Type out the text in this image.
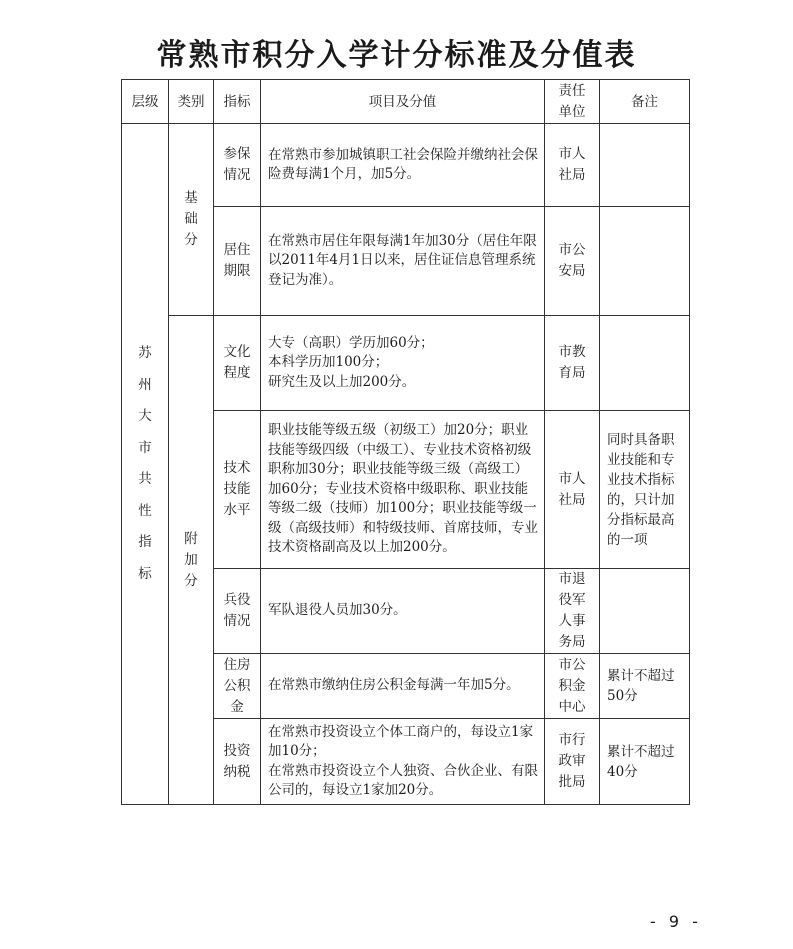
常熟市积分入学计分标准及分值表
层级	类别	指标	项目及分值	责任单位	备注
苏州大市共性指标	基础分	参保情况	在常熟市参加城镇职工社会保险并缴纳社会保险费每满1个月，加5分。	市人社局	
		居住期限	在常熟市居住年限每满1年加30分（居住年限以2011年4月1日以来，居住证信息管理系统登记为准）。	市公安局	
	附加分	文化程度	大专（高职）学历加60分；
本科学历加100分；
研究生及以上加200分。	市教育局	
		技术技能水平	职业技能等级五级（初级工）加20分；职业技能等级四级（中级工）、专业技术资格初级职称加30分；职业技能等级三级（高级工）加60分；专业技术资格中级职称、职业技能等级二级（技师）加100分；职业技能等级一级（高级技师）和特级技师、首席技师，专业技术资格副高及以上加200分。	市人社局	同时具备职业技能和专业技术指标的，只计加分指标最高的一项
		兵役情况	军队退役人员加30分。	市退役军人事务局	
		住房公积金	在常熟市缴纳住房公积金每满一年加5分。	市公积金中心	累计不超过50分
		投资纳税	在常熟市投资设立个体工商户的，每设立1家加10分；
在常熟市投资设立个人独资、合伙企业、有限公司的，每设立1家加20分。	市行政审批局	累计不超过40分
- 9 -
